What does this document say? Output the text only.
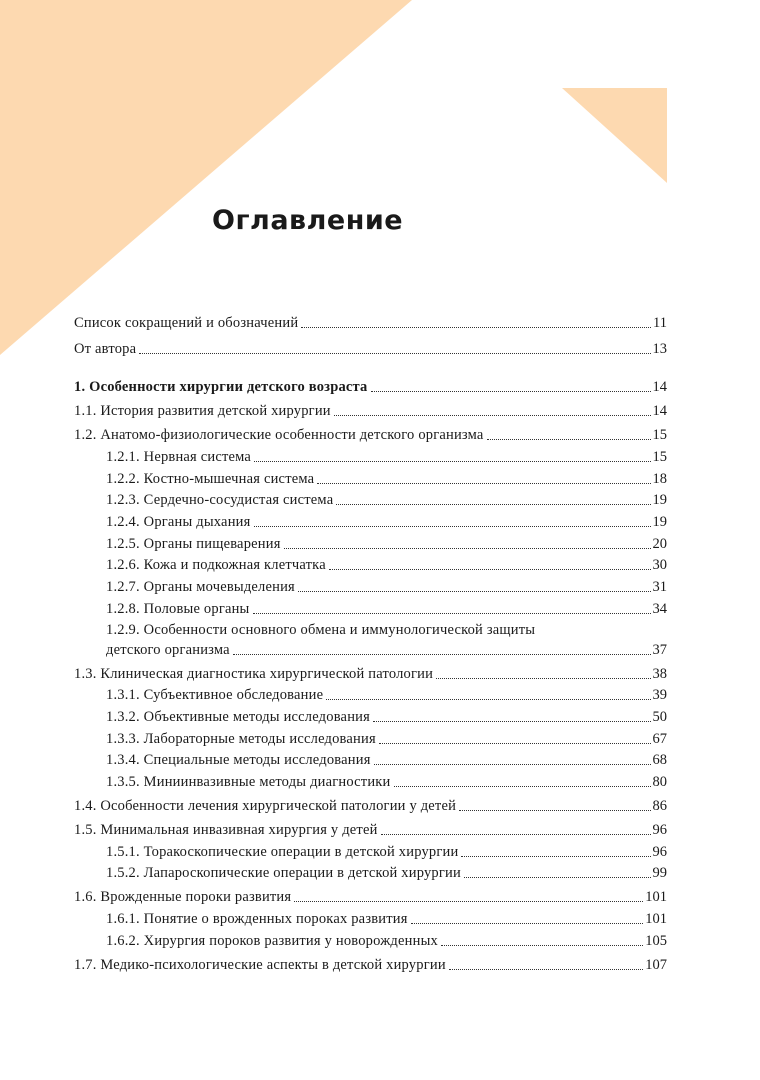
Оглавление
Список сокращений и обозначений	11
От автора	13
1. Особенности хирургии детского возраста	14
1.1. История развития детской хирургии	14
1.2. Анатомо-физиологические особенности детского организма	15
1.2.1. Нервная система	15
1.2.2. Костно-мышечная система	18
1.2.3. Сердечно-сосудистая система	19
1.2.4. Органы дыхания	19
1.2.5. Органы пищеварения	20
1.2.6. Кожа и подкожная клетчатка	30
1.2.7. Органы мочевыделения	31
1.2.8. Половые органы	34
1.2.9. Особенности основного обмена и иммунологической защиты
детского организма	37
1.3. Клиническая диагностика хирургической патологии	38
1.3.1. Субъективное обследование	39
1.3.2. Объективные методы исследования	50
1.3.3. Лабораторные методы исследования	67
1.3.4. Специальные методы исследования	68
1.3.5. Миниинвазивные методы диагностики	80
1.4. Особенности лечения хирургической патологии у детей	86
1.5. Минимальная инвазивная хирургия у детей	96
1.5.1. Торакоскопические операции в детской хирургии	96
1.5.2. Лапароскопические операции в детской хирургии	99
1.6. Врожденные пороки развития	101
1.6.1. Понятие о врожденных пороках развития	101
1.6.2. Хирургия пороков развития у новорожденных	105
1.7. Медико-психологические аспекты в детской хирургии	107
